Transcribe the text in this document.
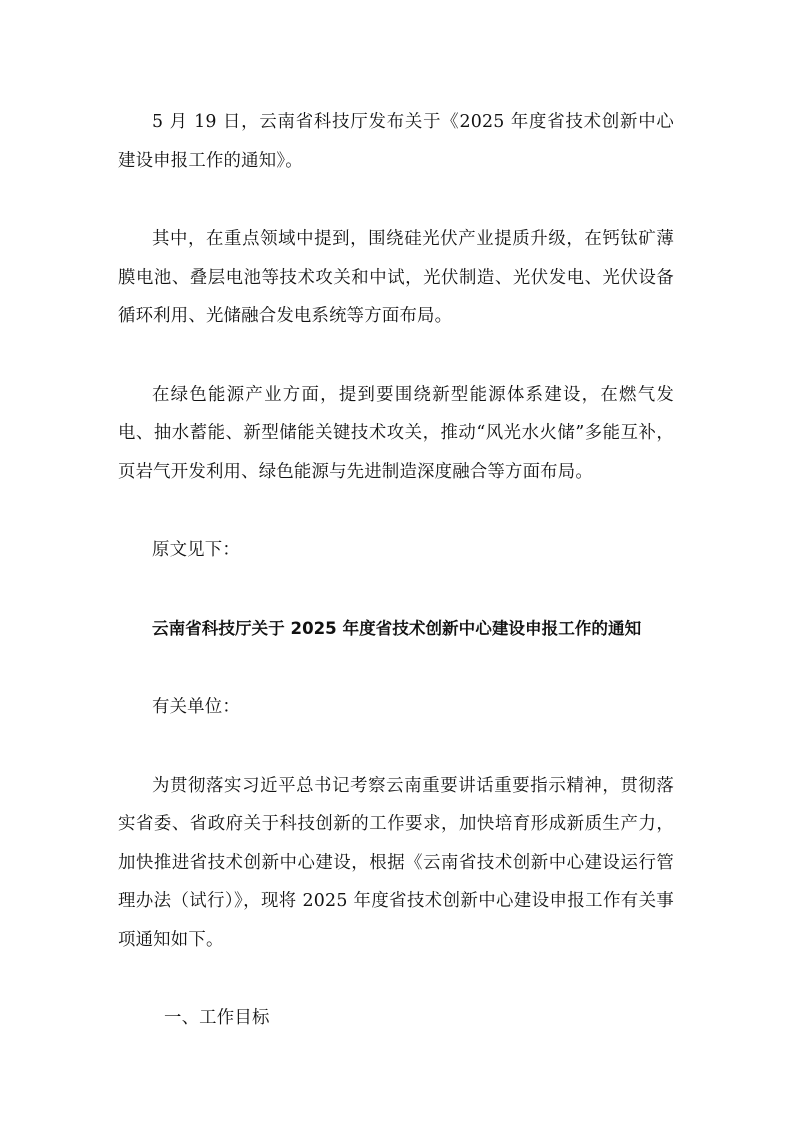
5 月 19 日，云南省科技厅发布关于《2025 年度省技术创新中心建设申报工作的通知》。

其中，在重点领域中提到，围绕硅光伏产业提质升级，在钙钛矿薄膜电池、叠层电池等技术攻关和中试，光伏制造、光伏发电、光伏设备循环利用、光储融合发电系统等方面布局。

在绿色能源产业方面，提到要围绕新型能源体系建设，在燃气发电、抽水蓄能、新型储能关键技术攻关，推动“风光水火储”多能互补，页岩气开发利用、绿色能源与先进制造深度融合等方面布局。

原文见下：

云南省科技厅关于 2025 年度省技术创新中心建设申报工作的通知

有关单位：

为贯彻落实习近平总书记考察云南重要讲话重要指示精神，贯彻落实省委、省政府关于科技创新的工作要求，加快培育形成新质生产力，加快推进省技术创新中心建设，根据《云南省技术创新中心建设运行管理办法（试行）》，现将 2025 年度省技术创新中心建设申报工作有关事项通知如下。

一、工作目标
